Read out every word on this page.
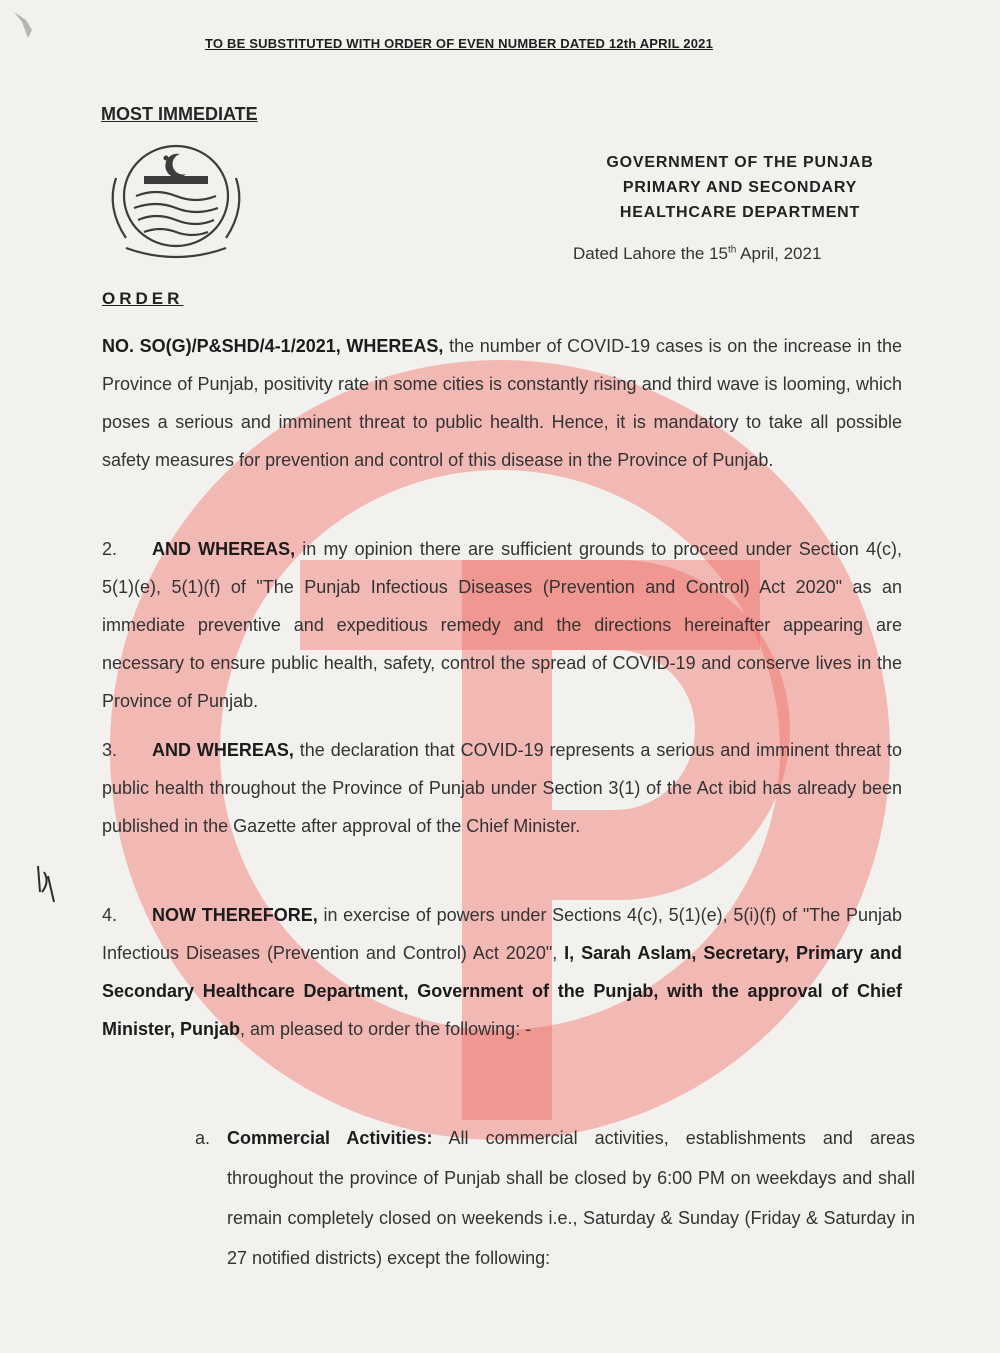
TO BE SUBSTITUTED WITH ORDER OF EVEN NUMBER DATED 12th APRIL 2021
MOST IMMEDIATE
GOVERNMENT OF THE PUNJAB
PRIMARY AND SECONDARY
HEALTHCARE DEPARTMENT
Dated Lahore the 15th April, 2021
ORDER
NO. SO(G)/P&SHD/4-1/2021, WHEREAS, the number of COVID-19 cases is on the increase in the Province of Punjab, positivity rate in some cities is constantly rising and third wave is looming, which poses a serious and imminent threat to public health. Hence, it is mandatory to take all possible safety measures for prevention and control of this disease in the Province of Punjab.
2. AND WHEREAS, in my opinion there are sufficient grounds to proceed under Section 4(c), 5(1)(e), 5(1)(f) of "The Punjab Infectious Diseases (Prevention and Control) Act 2020" as an immediate preventive and expeditious remedy and the directions hereinafter appearing are necessary to ensure public health, safety, control the spread of COVID-19 and conserve lives in the Province of Punjab.
3. AND WHEREAS, the declaration that COVID-19 represents a serious and imminent threat to public health throughout the Province of Punjab under Section 3(1) of the Act ibid has already been published in the Gazette after approval of the Chief Minister.
4. NOW THEREFORE, in exercise of powers under Sections 4(c), 5(1)(e), 5(i)(f) of "The Punjab Infectious Diseases (Prevention and Control) Act 2020", I, Sarah Aslam, Secretary, Primary and Secondary Healthcare Department, Government of the Punjab, with the approval of Chief Minister, Punjab, am pleased to order the following: -
a. Commercial Activities: All commercial activities, establishments and areas throughout the province of Punjab shall be closed by 6:00 PM on weekdays and shall remain completely closed on weekends i.e., Saturday & Sunday (Friday & Saturday in 27 notified districts) except the following:
